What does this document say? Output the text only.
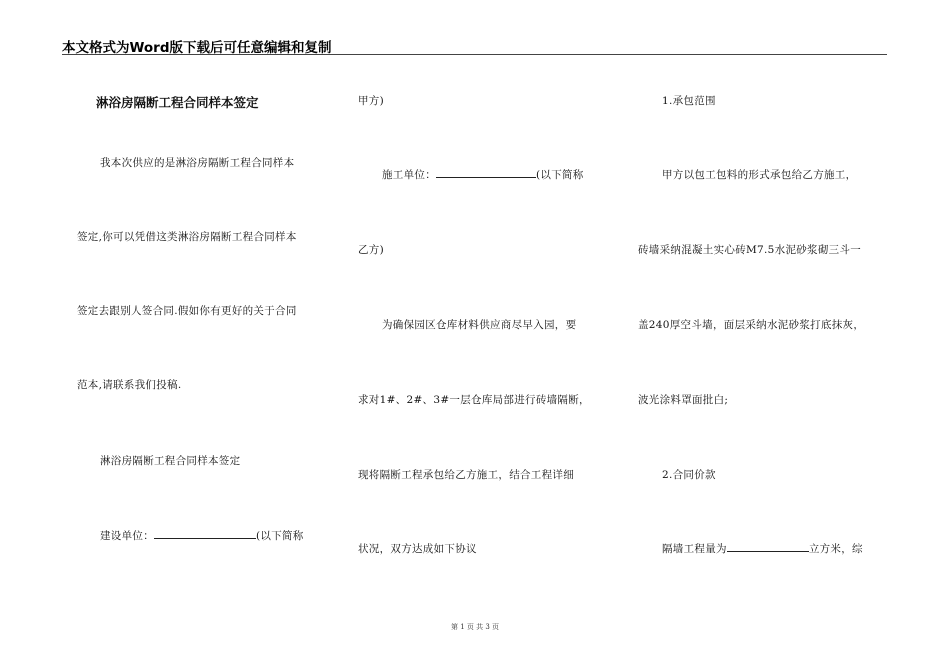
本文格式为Word版下载后可任意编辑和复制
淋浴房隔断工程合同样本签定
我本次供应的是淋浴房隔断工程合同样本
签定,你可以凭借这类淋浴房隔断工程合同样本
签定去跟别人签合同.假如你有更好的关于合同
范本,请联系我们投稿.
淋浴房隔断工程合同样本签定
建设单位：	(以下简称
甲方)
施工单位：	(以下简称
乙方)
为确保园区仓库材料供应商尽早入园，要
求对1#、2#、3#一层仓库局部进行砖墙隔断，
现将隔断工程承包给乙方施工，结合工程详细
状况，双方达成如下协议
1.承包范围
甲方以包工包料的形式承包给乙方施工，
砖墙采纳混凝土实心砖M7.5水泥砂浆砌三斗一
盖240厚空斗墙，面层采纳水泥砂浆打底抹灰，
波光涂料罩面批白;
2.合同价款
隔墙工程量为	立方米，综
第 1 页 共 3 页
